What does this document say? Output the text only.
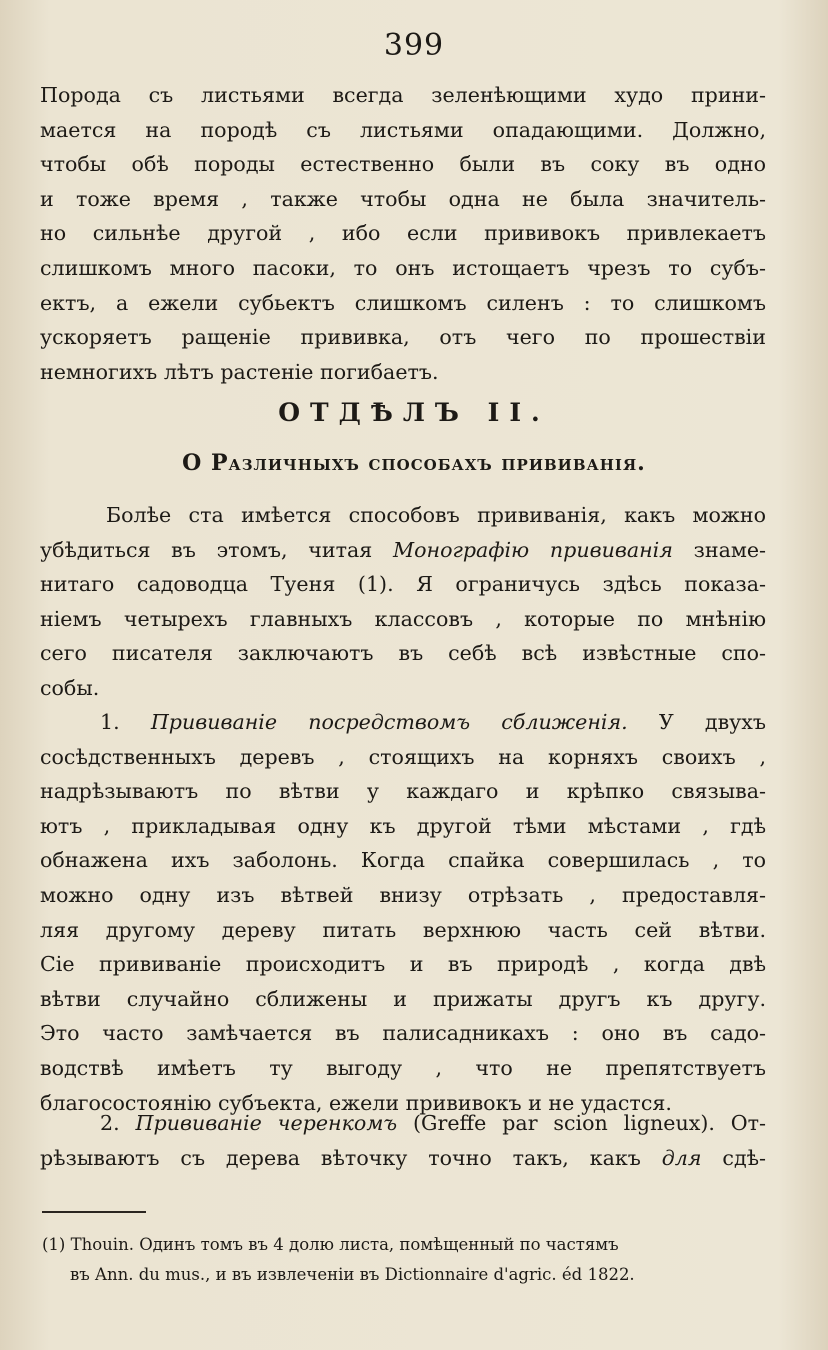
399
Порода съ листьями всегда зеленѣющими худо прини-
мается на породѣ съ листьями опадающими. Должно,
чтобы обѣ породы естественно были въ соку въ одно
и тоже время , также чтобы одна не была значитель-
но сильнѣе другой , ибо если прививокъ привлекаетъ
слишкомъ много пасоки, то онъ истощаетъ чрезъ то субъ-
ектъ, а ежели субьектъ слишкомъ силенъ : то слишкомъ
ускоряетъ ращеніе прививка, отъ чего по прошествіи
немногихъ лѣтъ растеніе погибаетъ.
ОТДѢЛЪ II.
О Различныхъ способахъ прививанія.
Болѣе ста имѣется способовъ прививанія, какъ можно
убѣдиться въ этомъ, читая Монографію прививанія знаме-
нитаго садоводца Туеня (1). Я ограничусь здѣсь показа-
ніемъ четырехъ главныхъ классовъ , которые по мнѣнію
сего писателя заключаютъ въ себѣ всѣ извѣстные спо-
собы.
1. Прививаніе посредствомъ сближенія. У двухъ
сосѣдственныхъ деревъ , стоящихъ на корняхъ своихъ ,
надрѣзываютъ по вѣтви у каждаго и крѣпко связыва-
ютъ , прикладывая одну къ другой тѣми мѣстами , гдѣ
обнажена ихъ заболонь. Когда спайка совершилась , то
можно одну изъ вѣтвей внизу отрѣзать , предоставля-
ляя другому дереву питать верхнюю часть сей вѣтви.
Сіе прививаніе происходитъ и въ природѣ , когда двѣ
вѣтви случайно сближены и прижаты другъ къ другу.
Это часто замѣчается въ палисадникахъ : оно въ садо-
водствѣ имѣетъ ту выгоду , что не препятствуетъ
благосостоянію субъекта, ежели прививокъ и не удастся.
2. Прививаніе черенкомъ (Greffe par scion ligneux). От-
рѣзываютъ съ дерева вѣточку точно такъ, какъ для сдѣ-
(1) Thouin. Одинъ томъ въ 4 долю листа, помѣщенный по частямъ
въ Ann. du mus., и въ извлеченіи въ Dictionnaire d'agric. éd 1822.
